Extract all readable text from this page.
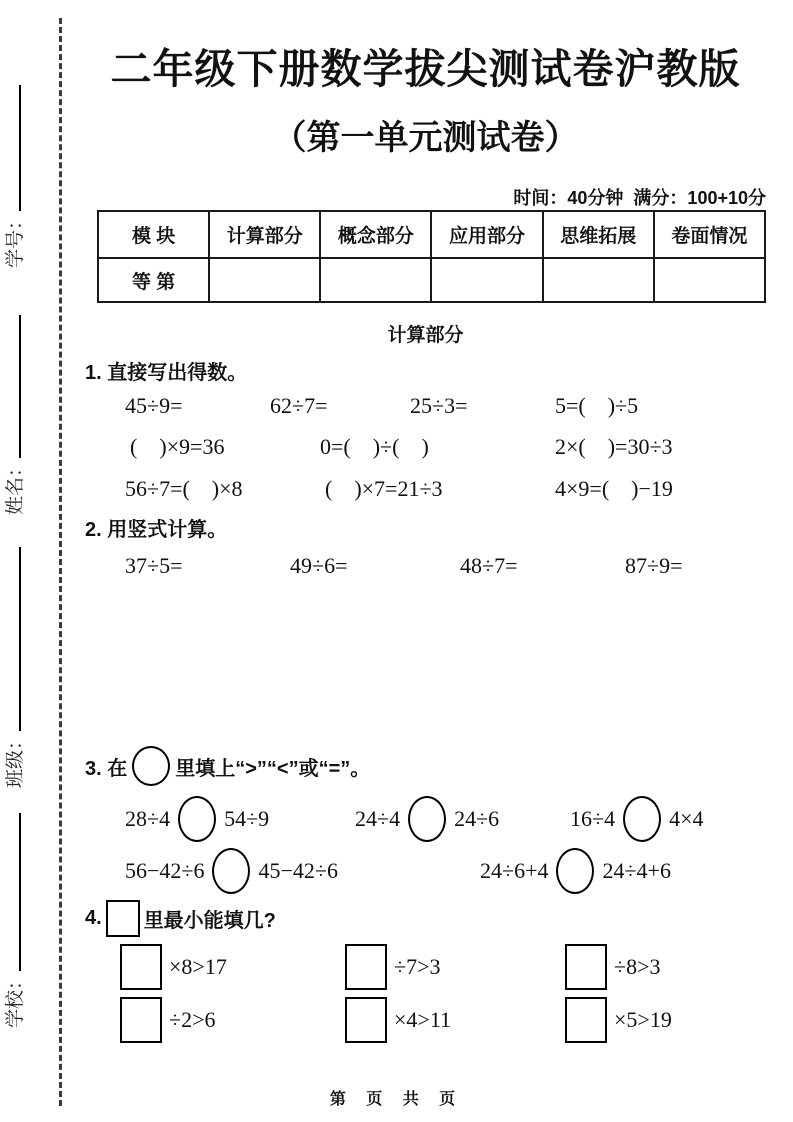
学号：
姓名：
班级：
学校：
二年级下册数学拔尖测试卷沪教版
（第一单元测试卷）
时间：40分钟  满分：100+10分
模 块	计算部分	概念部分	应用部分	思维拓展	卷面情况
等 第					
计算部分
1. 直接写出得数。
45÷9=	62÷7=	25÷3=	5=(    )÷5
(    )×9=36	0=(    )÷(    )	2×(    )=30÷3
56÷7=(    )×8	(    )×7=21÷3	4×9=(    )−19
2. 用竖式计算。
37÷5=	49÷6=	48÷7=	87÷9=
3. 在 里填上“>”“<”或“=”。
28÷4 54÷9	24÷4 24÷6	16÷4 4×4
56−42÷6 45−42÷6	24÷6+4 24÷4+6
4. 里最小能填几?
×8>17	÷7>3	÷8>3
÷2>6	×4>11	×5>19
第 页 共 页
